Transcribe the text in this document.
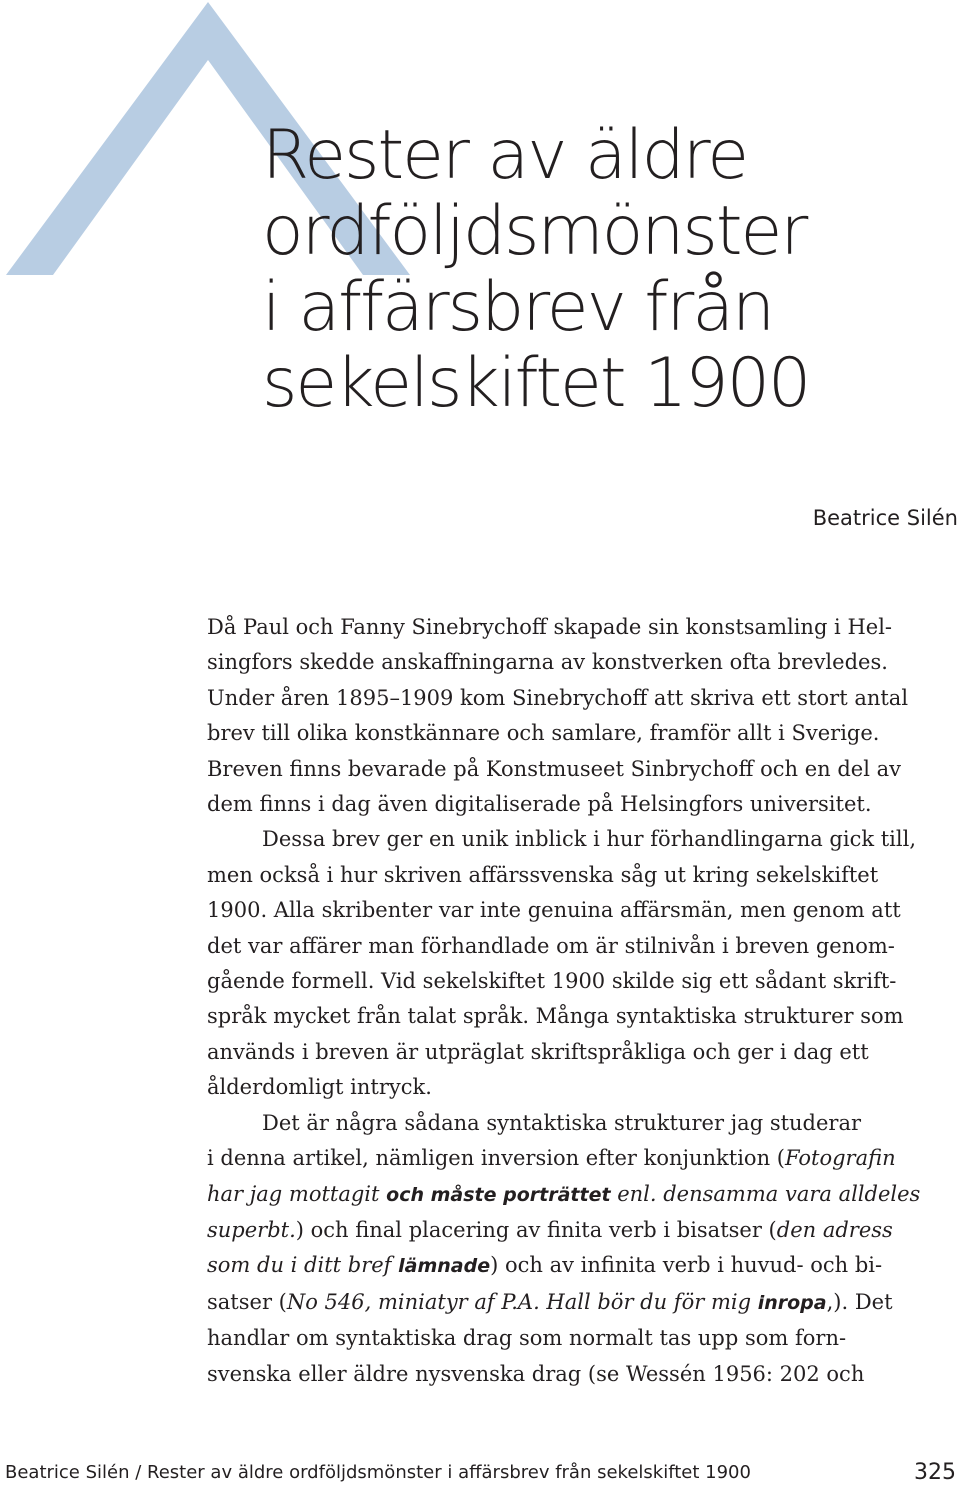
Rester av äldre
ordföljdsmönster
i affärsbrev från
sekelskiftet 1900
Beatrice Silén
Då Paul och Fanny Sinebrychoff skapade sin konstsamling i Hel-
singfors skedde anskaffningarna av konstverken ofta brevledes.
Under åren 1895–1909 kom Sinebrychoff att skriva ett stort antal
brev till olika konstkännare och samlare, framför allt i Sverige.
Breven finns bevarade på Konstmuseet Sinbrychoff och en del av
dem finns i dag även digitaliserade på Helsingfors universitet.
Dessa brev ger en unik inblick i hur förhandlingarna gick till,
men också i hur skriven affärssvenska såg ut kring sekelskiftet
1900. Alla skribenter var inte genuina affärsmän, men genom att
det var affärer man förhandlade om är stilnivån i breven genom-
gående formell. Vid sekelskiftet 1900 skilde sig ett sådant skrift-
språk mycket från talat språk. Många syntaktiska strukturer som
används i breven är utpräglat skriftspråkliga och ger i dag ett
ålderdomligt intryck.
Det är några sådana syntaktiska strukturer jag studerar
i denna artikel, nämligen inversion efter konjunktion (Fotografin
har jag mottagit och måste porträttet enl. densamma vara alldeles
superbt.) och final placering av finita verb i bisatser (den adress
som du i ditt bref lämnade) och av infinita verb i huvud- och bi-
satser (No 546, miniatyr af P.A. Hall bör du för mig inropa,). Det
handlar om syntaktiska drag som normalt tas upp som forn-
svenska eller äldre nysvenska drag (se Wessén 1956: 202 och
Beatrice Silén / Rester av äldre ordföljdsmönster i affärsbrev från sekelskiftet 1900	325
